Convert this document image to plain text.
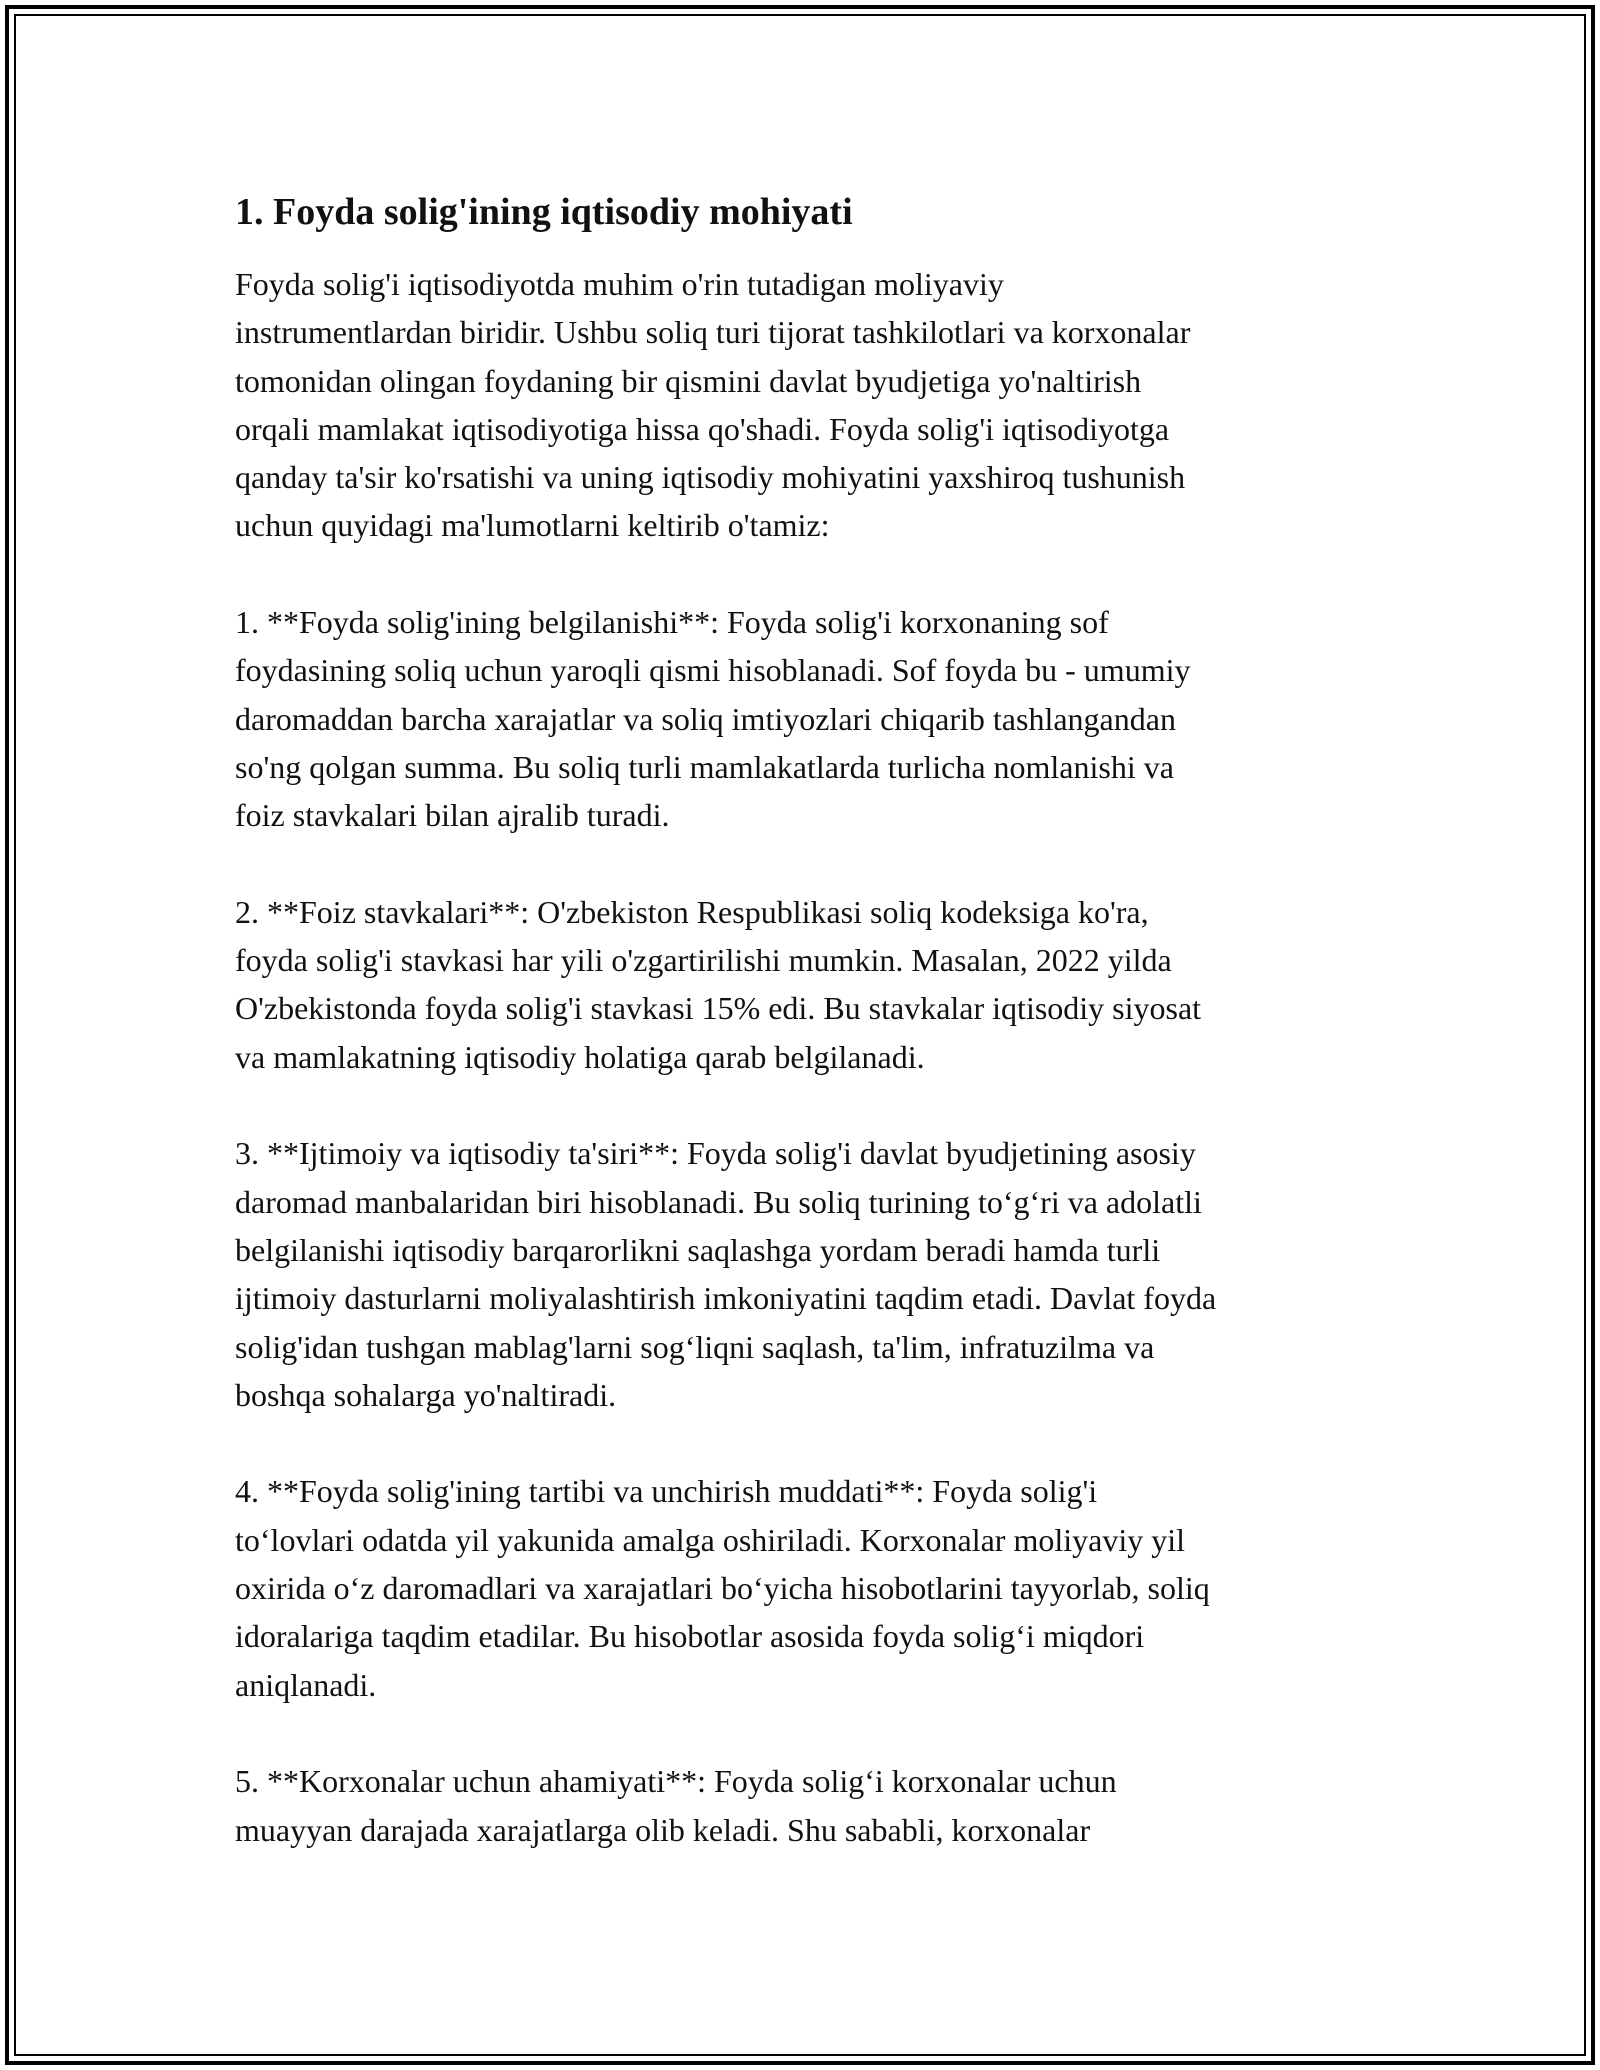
1. Foyda solig'ining iqtisodiy mohiyati

Foyda solig'i iqtisodiyotda muhim o'rin tutadigan moliyaviy
instrumentlardan biridir. Ushbu soliq turi tijorat tashkilotlari va korxonalar
tomonidan olingan foydaning bir qismini davlat byudjetiga yo'naltirish
orqali mamlakat iqtisodiyotiga hissa qo'shadi. Foyda solig'i iqtisodiyotga
qanday ta'sir ko'rsatishi va uning iqtisodiy mohiyatini yaxshiroq tushunish
uchun quyidagi ma'lumotlarni keltirib o'tamiz:

1. **Foyda solig'ining belgilanishi**: Foyda solig'i korxonaning sof
foydasining soliq uchun yaroqli qismi hisoblanadi. Sof foyda bu - umumiy
daromaddan barcha xarajatlar va soliq imtiyozlari chiqarib tashlangandan
so'ng qolgan summa. Bu soliq turli mamlakatlarda turlicha nomlanishi va
foiz stavkalari bilan ajralib turadi.

2. **Foiz stavkalari**: O'zbekiston Respublikasi soliq kodeksiga ko'ra,
foyda solig'i stavkasi har yili o'zgartirilishi mumkin. Masalan, 2022 yilda
O'zbekistonda foyda solig'i stavkasi 15% edi. Bu stavkalar iqtisodiy siyosat
va mamlakatning iqtisodiy holatiga qarab belgilanadi.

3. **Ijtimoiy va iqtisodiy ta'siri**: Foyda solig'i davlat byudjetining asosiy
daromad manbalaridan biri hisoblanadi. Bu soliq turining to‘g‘ri va adolatli
belgilanishi iqtisodiy barqarorlikni saqlashga yordam beradi hamda turli
ijtimoiy dasturlarni moliyalashtirish imkoniyatini taqdim etadi. Davlat foyda
solig'idan tushgan mablag'larni sog‘liqni saqlash, ta'lim, infratuzilma va
boshqa sohalarga yo'naltiradi.

4. **Foyda solig'ining tartibi va unchirish muddati**: Foyda solig'i
to‘lovlari odatda yil yakunida amalga oshiriladi. Korxonalar moliyaviy yil
oxirida o‘z daromadlari va xarajatlari bo‘yicha hisobotlarini tayyorlab, soliq
idoralariga taqdim etadilar. Bu hisobotlar asosida foyda solig‘i miqdori
aniqlanadi.

5. **Korxonalar uchun ahamiyati**: Foyda solig‘i korxonalar uchun
muayyan darajada xarajatlarga olib keladi. Shu sababli, korxonalar
